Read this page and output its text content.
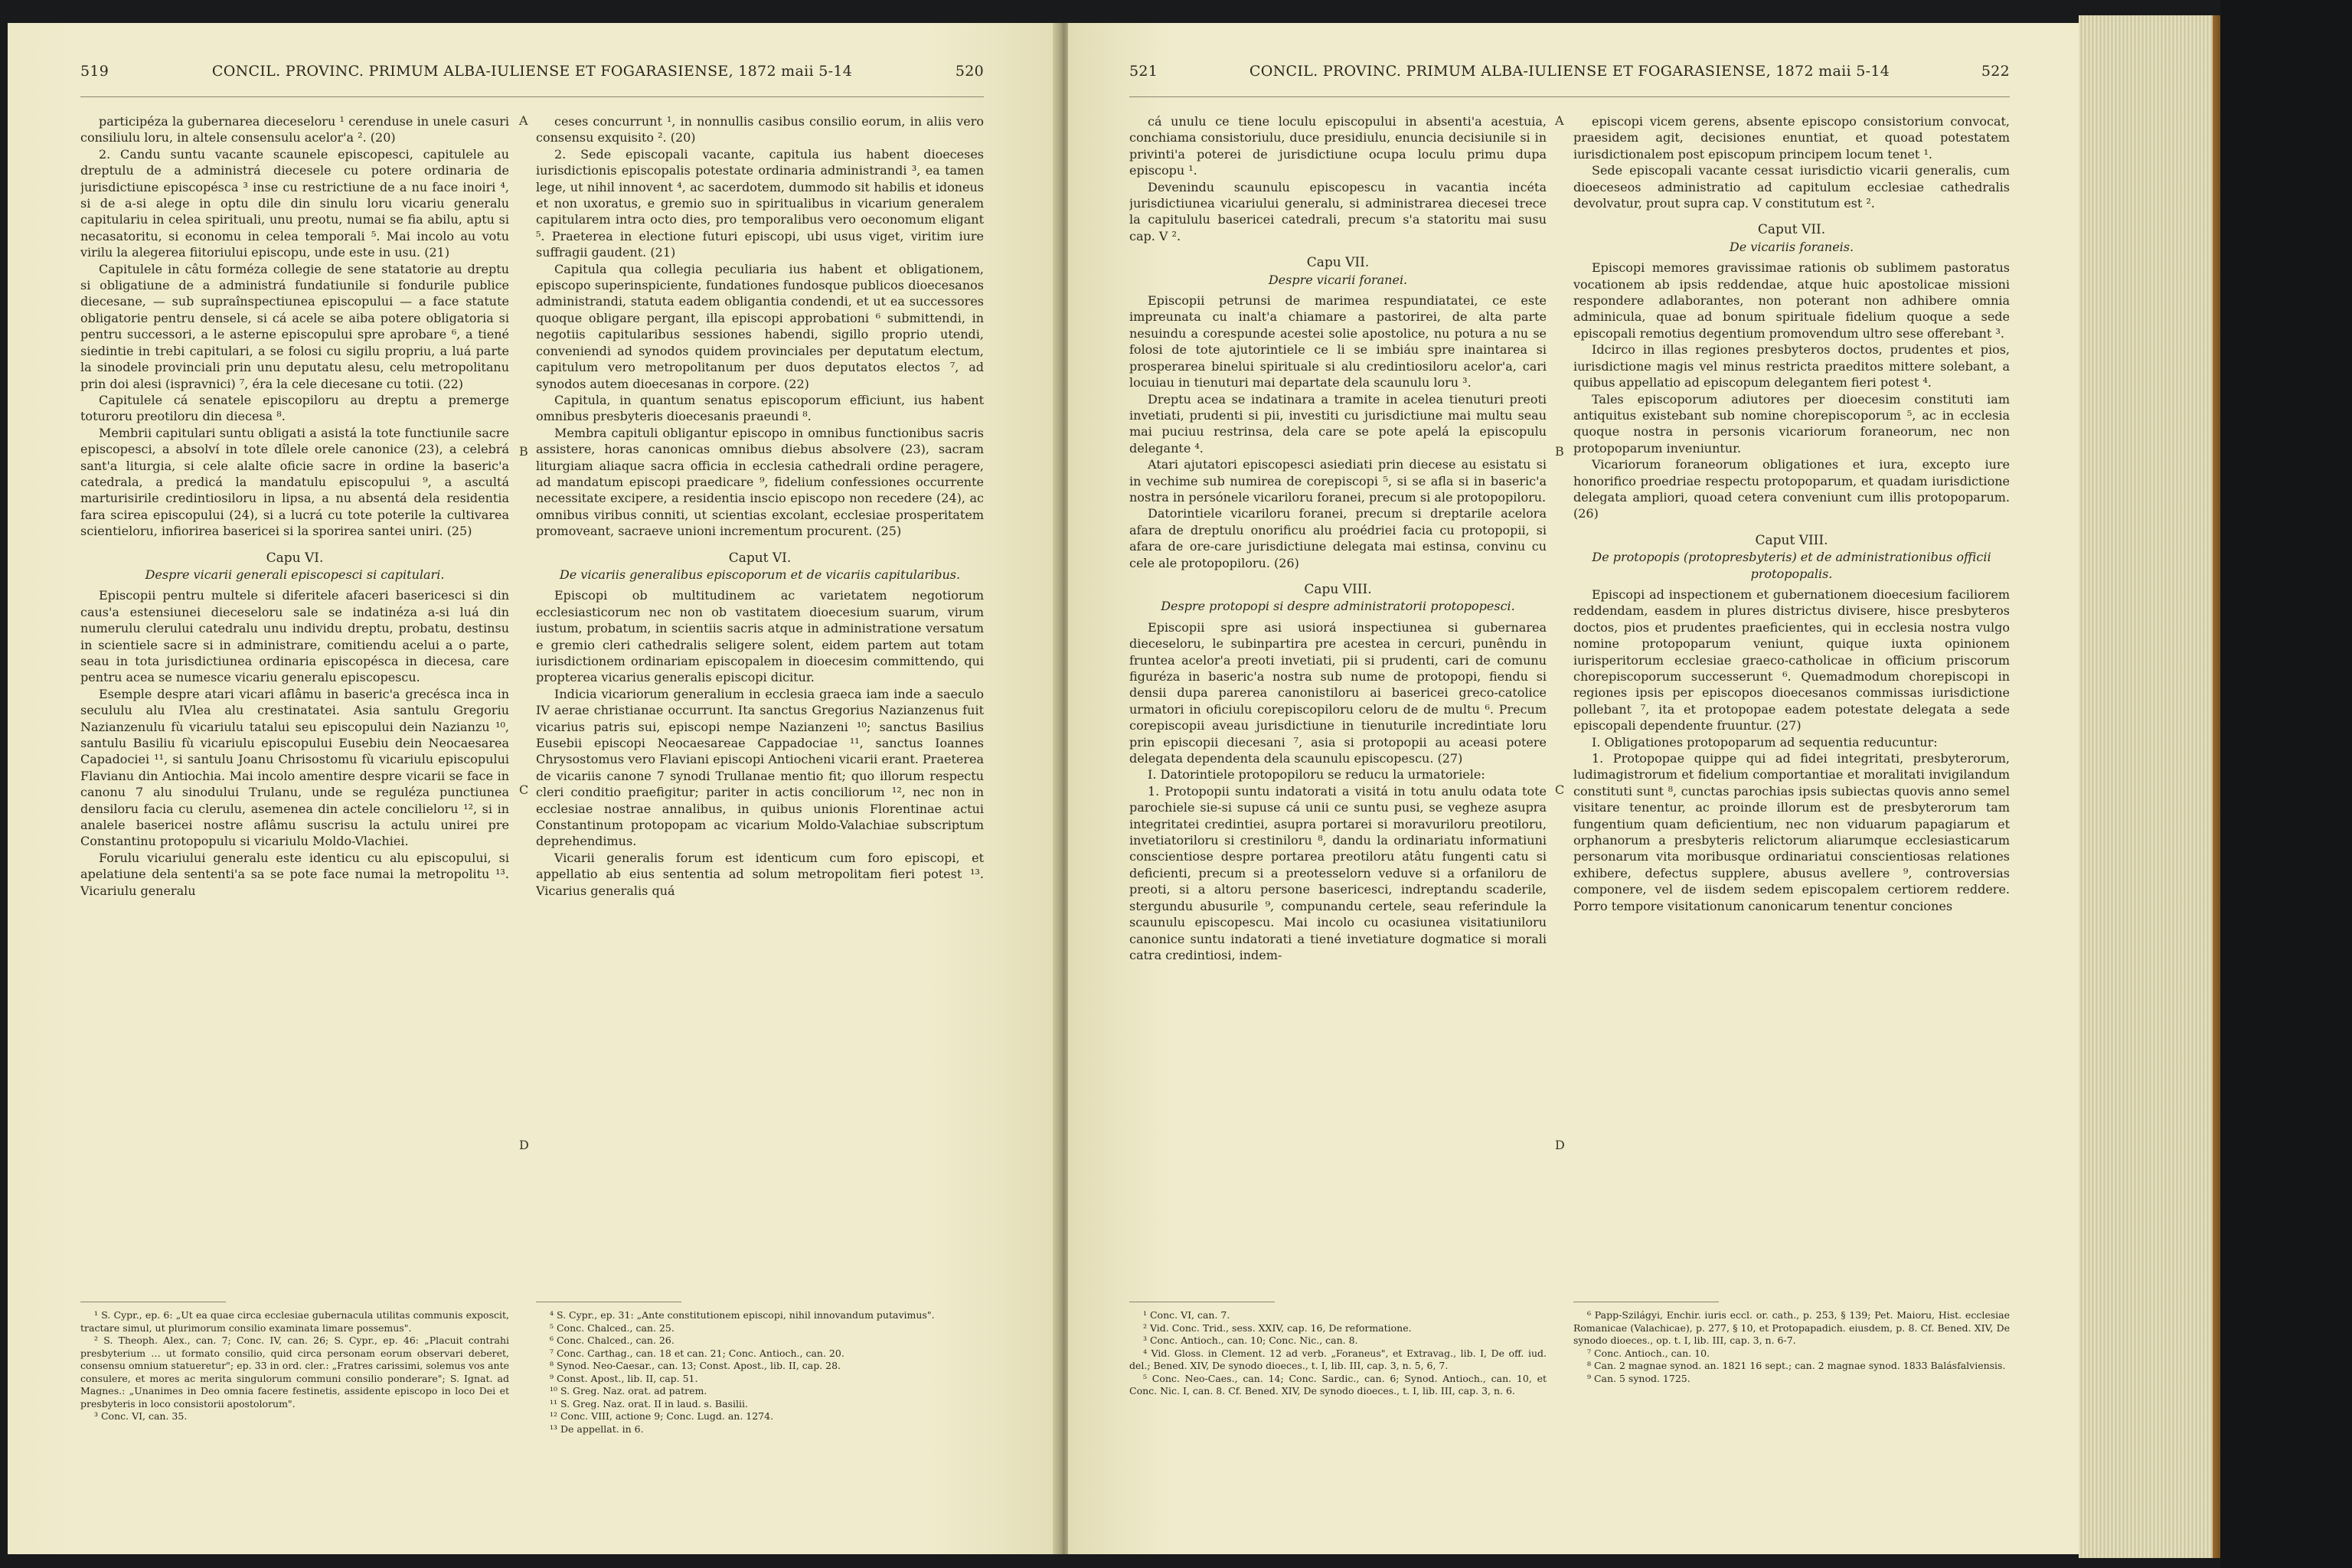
519	CONCIL. PROVINC. PRIMUM ALBA-IULIENSE ET FOGARASIENSE, 1872 maii 5-14	520

participéza la gubernarea dieceseloru ¹ cerenduse in unele casuri consiliulu loru, in altele consensulu acelor'a ². (20)

2. Candu suntu vacante scaunele episcopesci, capitulele au dreptulu de a administrá diecesele cu potere ordinaria de jurisdictiune episcopésca ³ inse cu restrictiune de a nu face inoiri ⁴, si de a-si alege in optu dile din sinulu loru vicariu generalu capitulariu in celea spirituali, unu preotu, numai se fia abilu, aptu si necasatoritu, si economu in celea temporali ⁵. Mai incolo au votu virilu la alegerea fiitoriului episcopu, unde este in usu. (21)

Capitulele in câtu forméza collegie de sene statatorie au dreptu si obligatiune de a administrá fundatiunile si fondurile publice diecesane, — sub supraînspectiunea episcopului — a face statute obligatorie pentru densele, si cá acele se aiba potere obligatoria si pentru successori, a le asterne episcopului spre aprobare ⁶, a tiené siedintie in trebi capitulari, a se folosi cu sigilu propriu, a luá parte la sinodele provinciali prin unu deputatu alesu, celu metropolitanu prin doi alesi (ispravnici) ⁷, éra la cele diecesane cu totii. (22)

Capitulele cá senatele episcopiloru au dreptu a premerge toturoru preotiloru din diecesa ⁸.

Membrii capitulari suntu obligati a asistá la tote functiunile sacre episcopesci, a absolví in tote dîlele orele canonice (23), a celebrá sant'a liturgia, si cele alalte oficie sacre in ordine la baseric'a catedrala, a predicá la mandatulu episcopului ⁹, a ascultá marturisirile credintiosiloru in lipsa, a nu absentá dela residentia fara scirea episcopului (24), si a lucrá cu tote poterile la cultivarea scientieloru, infiorirea basericei si la sporirea santei uniri. (25)

Capu VI.

Despre vicarii generali episcopesci si capitulari.

Episcopii pentru multele si diferitele afaceri basericesci si din caus'a estensiunei diecesеloru sale se indatinéza a-si luá din numerulu clerului catedralu unu individu dreptu, probatu, destinsu in scientiele sacre si in administrare, comitiendu acelui a o parte, seau in tota jurisdictiunea ordinaria episcopésca in diecesa, care pentru acea se numesce vicariu generalu episcopescu.

Esemple despre atari vicari aflâmu in baseric'a grecésca inca in secululu alu IVlea alu crestinatatei. Asia santulu Gregoriu Nazianzenulu fù vicariulu tatalui seu episcopului dein Nazianzu ¹⁰, santulu Basiliu fù vicariulu episcopului Eusebiu dein Neocaesarea Capadociei ¹¹, si santulu Joanu Chrisostomu fù vicariulu episcopului Flavianu din Antiochia. Mai incolo amentire despre vicarii se face in canonu 7 alu sinodului Trulanu, unde se reguléza punctiunea densiloru facia cu clerulu, asemenea din actele concilieloru ¹², si in analele basericei nostre aflâmu suscrisu la actulu unirei pre Constantinu protopopulu si vicariulu Moldo-Vlachiei.

Forulu vicariului generalu este identicu cu alu episcopului, si apelatiune dela sententi'a sa se pote face numai la metropolitu ¹³. Vicariulu generalu

A
B
C
D

ceses concurrunt ¹, in nonnullis casibus consilio eorum, in aliis vero consensu exquisito ². (20)

2. Sede episcopali vacante, capitula ius habent dioeceses iurisdictionis episcopalis potestate ordinaria administrandi ³, ea tamen lege, ut nihil innovent ⁴, ac sacerdotem, dummodo sit habilis et idoneus et non uxoratus, e gremio suo in spiritualibus in vicarium generalem capitularem intra octo dies, pro temporalibus vero oeconomum eligant ⁵. Praeterea in electione futuri episcopi, ubi usus viget, viritim iure suffragii gaudent. (21)

Capitula qua collegia peculiaria ius habent et obligationem, episcopo superinspiciente, fundationes fundosque publicos dioecesanos administrandi, statuta eadem obligantia condendi, et ut ea successores quoque obligare pergant, illa episcopi approbationi ⁶ submittendi, in negotiis capitularibus sessiones habendi, sigillo proprio utendi, conveniendi ad synodos quidem provinciales per deputatum electum, capitulum vero metropolitanum per duos deputatos electos ⁷, ad synodos autem dioecesanas in corpore. (22)

Capitula, in quantum senatus episcoporum efficiunt, ius habent omnibus presbyteris dioecesanis praeundi ⁸.

Membra capituli obligantur episcopo in omnibus functionibus sacris assistere, horas canonicas omnibus diebus absolvere (23), sacram liturgiam aliaque sacra officia in ecclesia cathedrali ordine peragere, ad mandatum episcopi praedicare ⁹, fidelium confessiones occurrente necessitate excipere, a residentia inscio episcopo non recedere (24), ac omnibus viribus conniti, ut scientias excolant, ecclesiae prosperitatem promoveant, sacraeve unioni incrementum procurent. (25)

Caput VI.

De vicariis generalibus episcoporum et de vicariis capitularibus.

Episcopi ob multitudinem ac varietatem negotiorum ecclesiasticorum nec non ob vastitatem dioecesium suarum, virum iustum, probatum, in scientiis sacris atque in administratione versatum e gremio cleri cathedralis seligere solent, eidem partem aut totam iurisdictionem ordinariam episcopalem in dioecesim committendo, qui propterea vicarius generalis episcopi dicitur.

Indicia vicariorum generalium in ecclesia graeca iam inde a saeculo IV aerae christianae occurrunt. Ita sanctus Gregorius Nazianzenus fuit vicarius patris sui, episcopi nempe Nazianzeni ¹⁰; sanctus Basilius Eusebii episcopi Neocaesareae Cappadociae ¹¹, sanctus Ioannes Chrysostomus vero Flaviani episcopi Antiocheni vicarii erant. Praeterea de vicariis canone 7 synodi Trullanae mentio fit; quo illorum respectu cleri conditio praefigitur; pariter in actis conciliorum ¹², nec non in ecclesiae nostrae annalibus, in quibus unionis Florentinae actui Constantinum protopopam ac vicarium Moldo-Valachiae subscriptum deprehendimus.

Vicarii generalis forum est identicum cum foro episcopi, et appellatio ab eius sententia ad solum metropolitam fieri potest ¹³. Vicarius generalis quá

¹ S. Cypr., ep. 6: „Ut ea quae circa ecclesiae gubernacula utilitas communis exposcit, tractare simul, ut plurimorum consilio examinata limare possemus".
² S. Theoph. Alex., can. 7; Conc. IV, can. 26; S. Cypr., ep. 46: „Placuit contrahi presbyterium … ut formato consilio, quid circa personam eorum observari deberet, consensu omnium statueretur"; ep. 33 in ord. cler.: „Fratres carissimi, solemus vos ante consulere, et mores ac merita singulorum communi consilio ponderare"; S. Ignat. ad Magnes.: „Unanimes in Deo omnia facere festinetis, assidente episcopo in loco Dei et presbyteris in loco consistorii apostolorum".
³ Conc. VI, can. 35.
⁴ S. Cypr., ep. 31: „Ante constitutionem episcopi, nihil innovandum putavimus".
⁵ Conc. Chalced., can. 25.
⁶ Conc. Chalced., can. 26.
⁷ Conc. Carthag., can. 18 et can. 21; Conc. Antioch., can. 20.
⁸ Synod. Neo-Caesar., can. 13; Const. Apost., lib. II, cap. 28.
⁹ Const. Apost., lib. II, cap. 51.
¹⁰ S. Greg. Naz. orat. ad patrem.
¹¹ S. Greg. Naz. orat. II in laud. s. Basilii.
¹² Conc. VIII, actione 9; Conc. Lugd. an. 1274.
¹³ De appellat. in 6.
521	CONCIL. PROVINC. PRIMUM ALBA-IULIENSE ET FOGARASIENSE, 1872 maii 5-14	522

cá unulu ce tiene loculu episcopului in absenti'a acestuia, conchiama consistoriulu, duce presidiulu, enuncia decisiunile si in privinti'a poterei de jurisdictiune ocupa loculu primu dupa episcopu ¹.

Devenindu scaunulu episcopescu in vacantia incéta jurisdictiunea vicariului generalu, si administrarea diecesei trece la capitululu basericei catedrali, precum s'a statoritu mai susu cap. V ².

Capu VII.

Despre vicarii foranei.

Episcopii petrunsi de marimea respundiatatei, ce este impreunata cu inalt'a chiamare a pastorirei, de alta parte nesuindu a corespunde acestei solie apostolice, nu potura a nu se folosi de tote ajutorintiele ce li se imbiáu spre inaintarea si prosperarea binelui spirituale si alu credintiosiloru acelor'a, cari locuiau in tienuturi mai departate dela scaunulu loru ³.

Dreptu acea se indatinara a tramite in acelea tienuturi preoti invetiati, prudenti si pii, investiti cu jurisdictiune mai multu seau mai puciuu restrinsa, dela care se pote apelá la episcopulu delegante ⁴.

Atari ajutatori episcopesci asiediati prin diecese au esistatu si in vechime sub numirea de corepiscopi ⁵, si se afla si in baseric'a nostra in persónele vicariloru foranei, precum si ale protopopiloru.

Datorintiele vicariloru foranei, precum si dreptarile acelora afara de dreptulu onorificu alu proédriei facia cu protopopii, si afara de ore-care jurisdictiune delegata mai estinsa, convinu cu cele ale protopopiloru. (26)

Capu VIII.

Despre protopopi si despre administratorii protopopesci.

Episcopii spre asi usiorá inspectiunea si gubernarea dieceseloru, le subinpartira pre acestea in cercuri, punêndu in fruntea acelor'a preoti invetiati, pii si prudenti, cari de comunu figuréza in baseric'a nostra sub nume de protopopi, fiendu si densii dupa parerea canonistiloru ai basericei greco-catolice urmatori in oficiulu corepiscopiloru celoru de de multu ⁶. Precum corepiscopii aveau jurisdictiune in tienuturile incredintiate loru prin episcopii diecesani ⁷, asia si protopopii au aceasi potere delegata dependenta dela scaunulu episcopescu. (27)

I. Datorintiele protopopiloru se reducu la urmatoriele:

1. Protopopii suntu indatorati a visitá in totu anulu odata tote parochiele sie-si supuse cá unii ce suntu pusi, se vegheze asupra integritatei credintiei, asupra portarei si moravuriloru preotiloru, invetiatoriloru si crestiniloru ⁸, dandu la ordinariatu informatiuni conscientiose despre portarea preotiloru atâtu fungenti catu si deficienti, precum si a preotesselorn veduve si a orfaniloru de preoti, si a altoru persone basericesci, indreptandu scaderile, stergundu abusurile ⁹, compunandu certele, seau referindule la scaunulu episcopescu. Mai incolo cu ocasiunea visitatiuniloru canonice suntu indatorati a tiené invetiature dogmatice si morali catra credintiosi, indem-

A
B
C
D

episcopi vicem gerens, absente episcopo consistorium convocat, praesidem agit, decisiones enuntiat, et quoad potestatem iurisdictionalem post episcopum principem locum tenet ¹.

Sede episcopali vacante cessat iurisdictio vicarii generalis, cum dioeceseos administratio ad capitulum ecclesiae cathedralis devolvatur, prout supra cap. V constitutum est ².

Caput VII.

De vicariis foraneis.

Episcopi memores gravissimae rationis ob sublimem pastoratus vocationem ab ipsis reddendae, atque huic apostolicae missioni respondere adlaborantes, non poterant non adhibere omnia adminicula, quae ad bonum spirituale fidelium quoque a sede episcopali remotius degentium promovendum ultro sese offerebant ³.

Idcirco in illas regiones presbyteros doctos, prudentes et pios, iurisdictione magis vel minus restricta praeditos mittere solebant, a quibus appellatio ad episcopum delegantem fieri potest ⁴.

Tales episcoporum adiutores per dioecesim constituti iam antiquitus existebant sub nomine chorepiscoporum ⁵, ac in ecclesia quoque nostra in personis vicariorum foraneorum, nec non protopoparum inveniuntur.

Vicariorum foraneorum obligationes et iura, excepto iure honorifico proedriae respectu protopoparum, et quadam iurisdictione delegata ampliori, quoad cetera conveniunt cum illis protopoparum. (26)

Caput VIII.

De protopopis (protopresbyteris) et de administrationibus officii protopopalis.

Episcopi ad inspectionem et gubernationem dioecesium faciliorem reddendam, easdem in plures districtus divisere, hisce presbyteros doctos, pios et prudentes praeficientes, qui in ecclesia nostra vulgo nomine protopoparum veniunt, quique iuxta opinionem iurisperitorum ecclesiae graeco-catholicae in officium priscorum chorepiscoporum successerunt ⁶. Quemadmodum chorepiscopi in regiones ipsis per episcopos dioecesanos commissas iurisdictione pollebant ⁷, ita et protopopae eadem potestate delegata a sede episcopali dependente fruuntur. (27)

I. Obligationes protopoparum ad sequentia reducuntur:

1. Protopopae quippe qui ad fidei integritati, presbyterorum, ludimagistrorum et fidelium comportantiae et moralitati invigilandum constituti sunt ⁸, cunctas parochias ipsis subiectas quovis anno semel visitare tenentur, ac proinde illorum est de presbyterorum tam fungentium quam deficientium, nec non viduarum papagiarum et orphanorum a presbyteris relictorum aliarumque ecclesiasticarum personarum vita moribusque ordinariatui conscientiosas relationes exhibere, defectus supplere, abusus avellere ⁹, controversias componere, vel de iisdem sedem episcopalem certiorem reddere. Porro tempore visitationum canonicarum tenentur conciones

¹ Conc. VI, can. 7.
² Vid. Conc. Trid., sess. XXIV, cap. 16, De reformatione.
³ Conc. Antioch., can. 10; Conc. Nic., can. 8.
⁴ Vid. Gloss. in Clement. 12 ad verb. „Foraneus", et Extravag., lib. I, De off. iud. del.; Bened. XIV, De synodo dioeces., t. I, lib. III, cap. 3, n. 5, 6, 7.
⁵ Conc. Neo-Caes., can. 14; Conc. Sardic., can. 6; Synod. Antioch., can. 10, et Conc. Nic. I, can. 8. Cf. Bened. XIV, De synodo dioeces., t. I, lib. III, cap. 3, n. 6.
⁶ Papp-Szilágyi, Enchir. iuris eccl. or. cath., p. 253, § 139; Pet. Maioru, Hist. ecclesiae Romanicae (Valachicae), p. 277, § 10, et Protopapadich. eiusdem, p. 8. Cf. Bened. XIV, De synodo dioeces., op. t. I, lib. III, cap. 3, n. 6-7.
⁷ Conc. Antioch., can. 10.
⁸ Can. 2 magnae synod. an. 1821 16 sept.; can. 2 magnae synod. 1833 Balásfalviensis.
⁹ Can. 5 synod. 1725.
